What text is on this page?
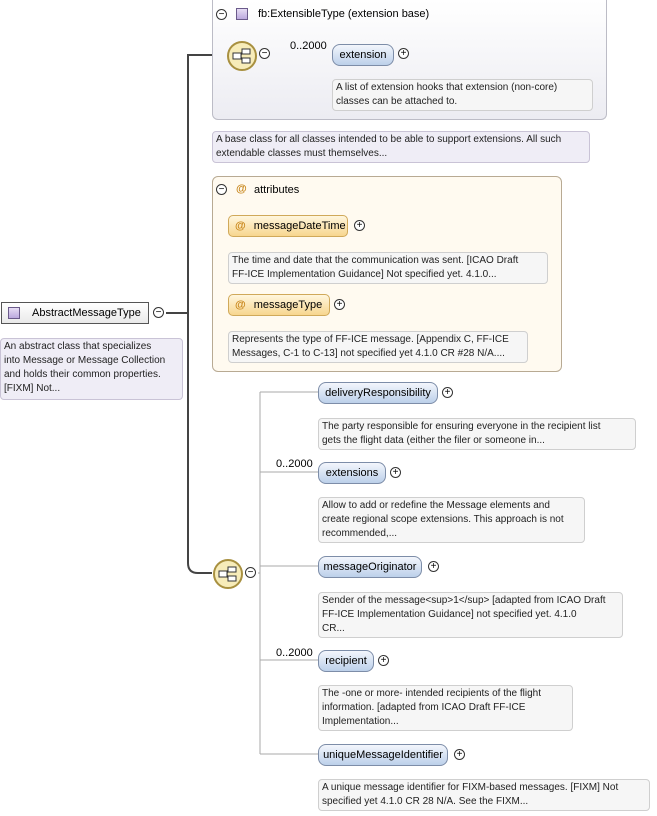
AbstractMessageType −
An abstract class that specializes
into Message or Message Collection
and holds their common properties.
[FIXM] Not...
−	fb:ExtensibleType (extension base)
−
0..2000
extension +
A list of extension hooks that extension (non-core)
classes can be attached to.
A base class for all classes intended to be able to support extensions. All such
extendable classes must themselves...
− @ attributes
@ messageDateTime +
The time and date that the communication was sent. [ICAO Draft
FF-ICE Implementation Guidance] Not specified yet. 4.1.0...
@ messageType +
Represents the type of FF-ICE message. [Appendix C, FF-ICE
Messages, C-1 to C-13] not specified yet 4.1.0 CR #28 N/A....
−
deliveryResponsibility +
The party responsible for ensuring everyone in the recipient list
gets the flight data (either the filer or someone in...
0..2000
extensions +
Allow to add or redefine the Message elements and
create regional scope extensions. This approach is not
recommended,...
messageOriginator +
Sender of the message<sup>1</sup> [adapted from ICAO Draft
FF-ICE Implementation Guidance] not specified yet. 4.1.0
CR...
0..2000
recipient +
The -one or more- intended recipients of the flight
information. [adapted from ICAO Draft FF-ICE
Implementation...
uniqueMessageIdentifier +
A unique message identifier for FIXM-based messages. [FIXM] Not
specified yet 4.1.0 CR 28 N/A. See the FIXM...
